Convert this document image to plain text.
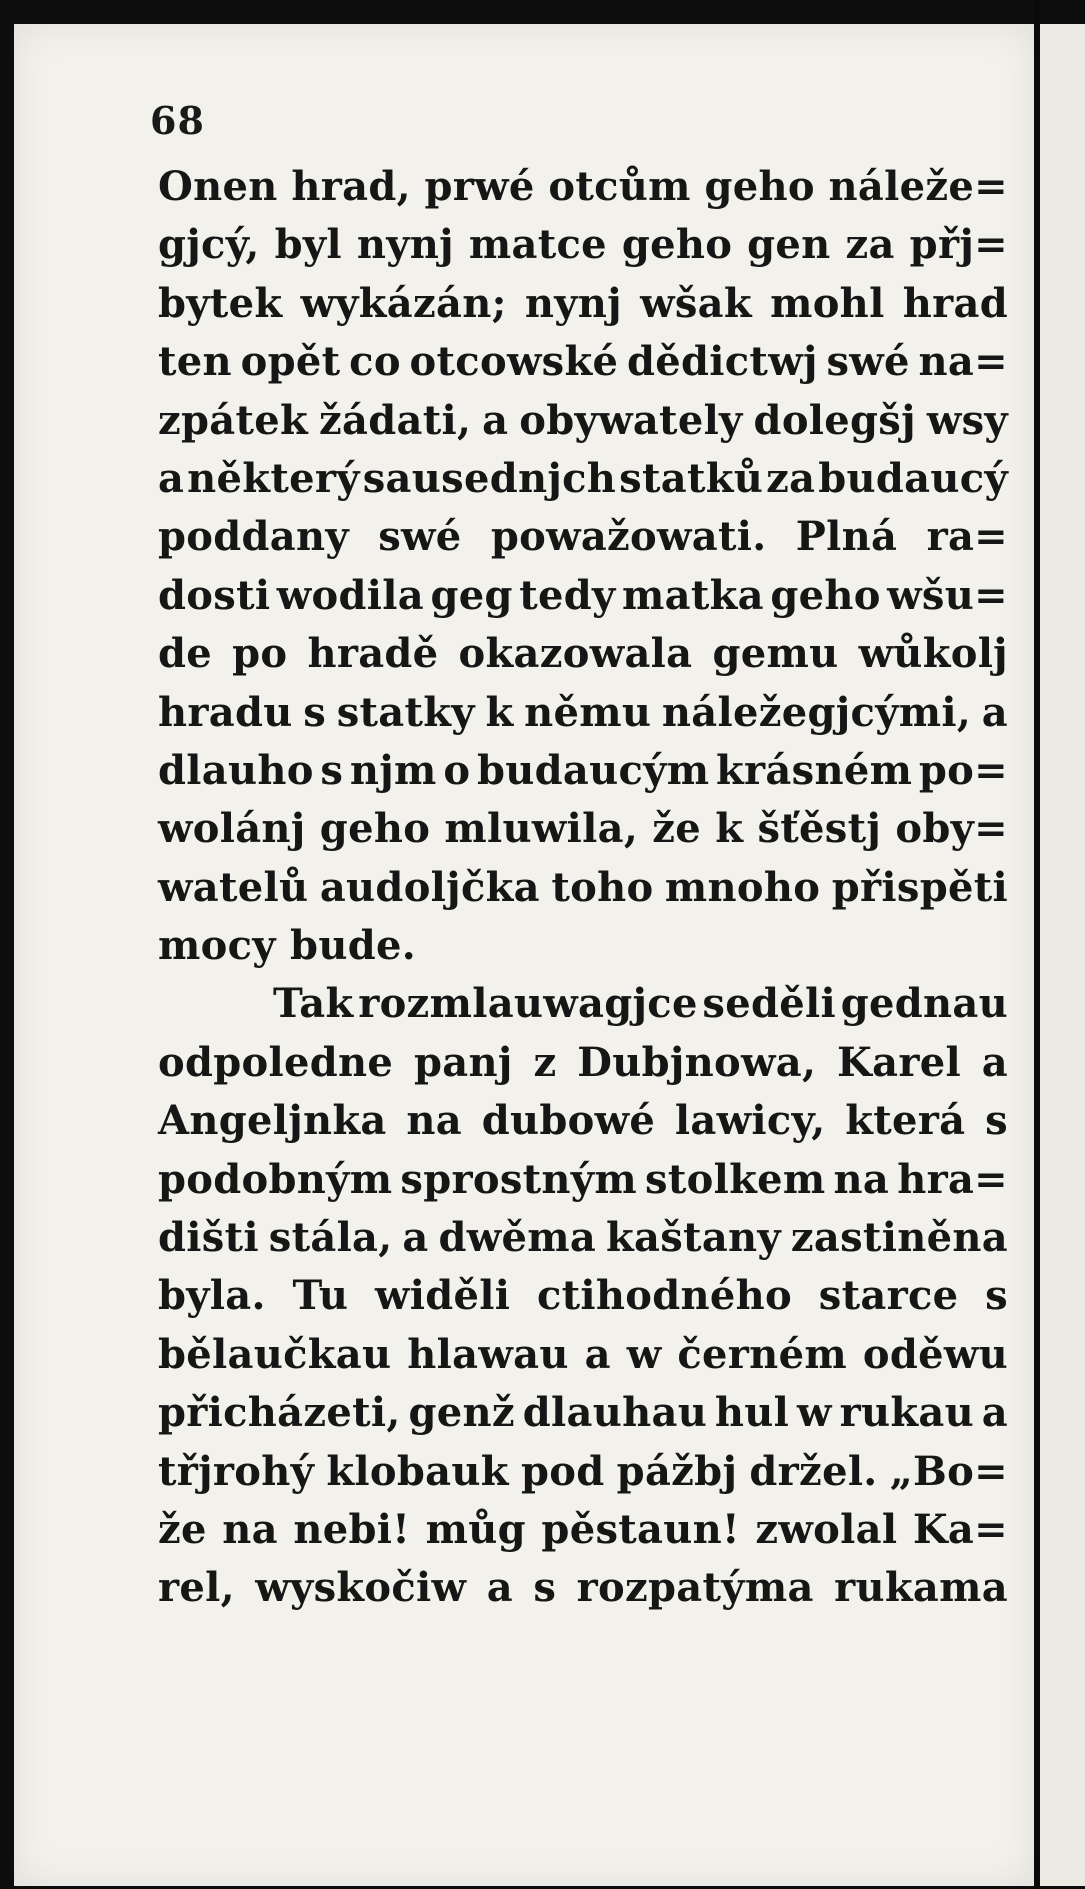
68
Onen hrad, prwé otcům geho náleže=
gjcý, byl nynj matce geho gen za přj=
bytek wykázán; nynj wšak mohl hrad
ten opět co otcowské dědictwj swé na=
zpátek žádati, a obywately dolegšj wsy
a některý sausednjch statků za budaucý
poddany swé powažowati. Plná ra=
dosti wodila geg tedy matka geho wšu=
de po hradě okazowala gemu wůkolj
hradu s statky k němu náležegjcými, a
dlauho s njm o budaucým krásném po=
wolánj geho mluwila, že k šťěstj oby=
watelů audoljčka toho mnoho přispěti
mocy
bude.
Tak rozmlauwagjce seděli gednau
odpoledne panj z Dubjnowa, Karel a
Angeljnka na dubowé lawicy, která s
podobným sprostným stolkem na hra=
dišti stála, a dwěma kaštany zastiněna
byla. Tu widěli ctihodného starce s
bělaučkau hlawau a w černém oděwu
přicházeti, genž dlauhau hul w rukau a
třjrohý klobauk pod pážbj držel. „Bo=
že na nebi! můg pěstaun! zwolal Ka=
rel, wyskočiw a s rozpatýma rukama
